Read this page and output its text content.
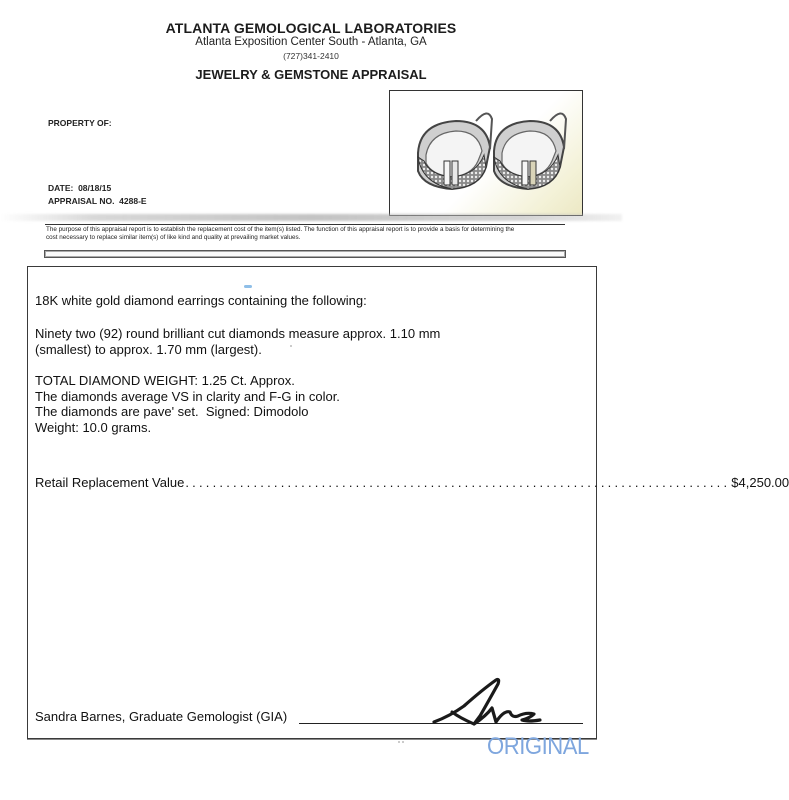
ATLANTA GEMOLOGICAL LABORATORIES
Atlanta Exposition Center South - Atlanta, GA
(727)341-2410
JEWELRY & GEMSTONE APPRAISAL
PROPERTY OF:
DATE: 08/18/15
APPRAISAL NO. 4288-E
The purpose of this appraisal report is to establish the replacement cost of the item(s) listed. The function of this appraisal report is to provide a basis for determining the
cost necessary to replace similar item(s) of like kind and quality at prevailing market values.
18K white gold diamond earrings containing the following:
Ninety two (92) round brilliant cut diamonds measure approx. 1.10 mm
(smallest) to approx. 1.70 mm (largest).
TOTAL DIAMOND WEIGHT: 1.25 Ct. Approx.
The diamonds average VS in clarity and F-G in color.
The diamonds are pave' set.  Signed: Dimodolo
Weight: 10.0 grams.
Retail Replacement Value ................................................................................ $4,250.00
Sandra Barnes, Graduate Gemologist (GIA)
ORIGINAL
